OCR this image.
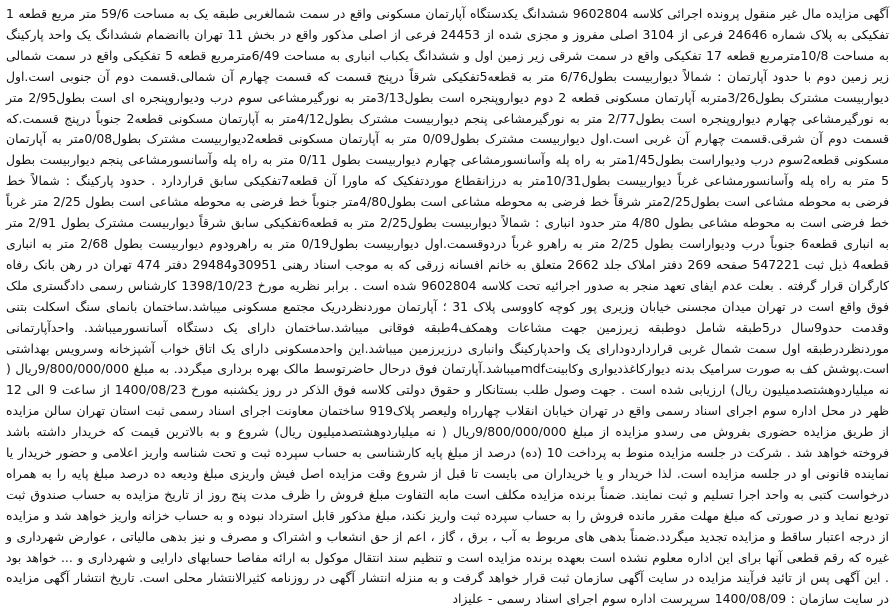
آگهی مزایده مال غیر منقول پرونده اجرائی کلاسه 9602804 ششدانگ یکدستگاه آپارتمان مسکونی واقع در سمت شمالغربی طبقه یک به مساحت 59/6 متر مربع قطعه 1 تفکیکی به پلاک شماره 24646 فرعی از 3104 اصلی مفروز و مجزی شده از 24453 فرعی از اصلی مذکور واقع در بخش 11 تهران باانضمام ششدانگ یک واحد پارکینگ به مساحت 10/8مترمربع قطعه 17 تفکیکی واقع در سمت شرقی زیر زمین اول و ششدانگ یکباب انباری به مساحت 6/49مترمربع قطعه 5 تفکیکی واقع در سمت شمالی زیر زمین دوم با حدود آپارتمان : شمالاً دیواربیست بطول6/76 متر به قطعه5تفکیکی شرقاً درپنج قسمت که قسمت چهارم آن شمالی.قسمت دوم آن جنوبی است.اول دیواربیست مشترک بطول3/26متربه آپارتمان مسکونی قطعه 2 دوم دیواروپنجره است بطول3/13متر به نورگیرمشاعی سوم درب ودیواروپنجره ای است بطول2/95 متر به نورگیرمشاعی چهارم دیواروپنجره است بطول2/77 متر به نورگیرمشاعی پنجم دیواربیست مشترک بطول4/12متر به آپارتمان مسکونی قطعه2 جنوباً درپنج قسمت.که قسمت دوم آن شرقی.قسمت چهارم آن غربی است.اول دیواربیست مشترک بطول0/09 متر به آپارتمان مسکونی قطعه2دیواربیست مشترک بطول0/08متر به آپارتمان مسکونی قطعه2سوم درب ودیواراست بطول1/45متر به راه پله وآسانسورمشاعی چهارم دیواربیست بطول 0/11 متر به راه پله وآسانسورمشاعی پنجم دیواربیست بطول 5 متر به راه پله وآسانسورمشاعی غرباً دیواربیست بطول10/31متر به درزانقطاع موردتفکیک که ماورا آن قطعه7تفکیکی سابق قراردارد . حدود پارکینگ : شمالاً خط فرضی به محوطه مشاعی است بطول2/25متر شرقاً خط فرضی به محوطه مشاعی است بطول4/80متر جنوباً خط فرضی به محوطه مشاعی است بطول 2/25 متر غرباً خط فرضی است به محوطه مشاعی بطول 4/80 متر حدود انباری : شمالاً دیواربیست بطول2/25 متر به قطعه6تفکیکی سابق شرقاً دیواربیست مشترک بطول 2/91 متر به انباری قطعه6 جنوباً درب ودیواراست بطول 2/25 متر به راهرو غرباً دردوقسمت.اول دیواربیست بطول0/19 متر به راهرودوم دیواربیست بطول 2/68 متر به انباری قطعه4 ذیل ثبت 547221 صفحه 269 دفتر املاک جلد 2662 متعلق به خانم افسانه زرقی که به موجب اسناد رهنی 30951و29484 دفتر 474 تهران در رهن بانک رفاه کارگران قرار گرفته . بعلت عدم ایفای تعهد منجر به صدور اجرائیه تحت کلاسه 9602804 شده است . برابر نظریه مورخ 1398/10/23 کارشناس رسمی دادگستری ملک فوق واقع است در تهران میدان مجسنی خیابان وزیری پور کوچه کاووسی پلاک 31 ؛ آپارتمان موردنظردریک مجتمع مسکونی میباشد.ساختمان بانمای سنگ اسکلت بتنی وقدمت حدو9سال در5طبقه شامل دوطبقه زیرزمین جهت مشاعات وهمکف4طبقه فوقانی میباشد.ساختمان دارای یک دستگاه آسانسورمیباشد. واحدآپارتمانی موردنظردرطبقه اول سمت شمال غربی قرارداردودارای یک واحدپارکینگ وانباری درزیرزمین میباشد.این واحدمسکونی دارای یک اتاق خواب آشپزخانه وسرویس بهداشتی است.پوشش کف به صورت سرامیک بدنه دیوارکاغذدیواری وکابینتmdfمیباشد.آپارتمان فوق درحال حاضرتوسط مالک بهره برداری میگردد. به مبلغ 9/800/000/000ریال ( نه میلیاردوهشتصدمیلیون ریال) ارزیابی شده است . جهت وصول طلب بستانکار و حقوق دولتی کلاسه فوق الذکر در روز یکشنبه مورخ 1400/08/23 از ساعت 9 الی 12 ظهر در محل اداره سوم اجرای اسناد رسمی واقع در تهران خیابان انقلاب چهارراه ولیعصر پلاک919 ساختمان معاونت اجرای اسناد رسمی ثبت استان تهران سالن مزایده از طریق مزایده حضوری بفروش می رسدو مزایده از مبلغ 9/800/000/000ریال ( نه میلیاردوهشتصدمیلیون ریال) شروع و به بالاترین قیمت که خریدار داشته باشد فروخته خواهد شد . شرکت در جلسه مزایده منوط به پرداخت 10 (ده) درصد از مبلغ پایه کارشناسی به حساب سپرده ثبت و تحت شناسه واریز اعلامی و حضور خریدار یا نماینده قانونی او در جلسه مزایده است. لذا خریدار و یا خریداران می بایست تا قبل از شروع وقت مزایده اصل فیش واریزی مبلغ ودیعه ده درصد مبلغ پایه را به همراه درخواست کتبی به واحد اجرا تسلیم و ثبت نمایند. ضمناً برنده مزایده مکلف است مابه التفاوت مبلغ فروش را ظرف مدت پنج روز از تاریخ مزایده به حساب صندوق ثبت تودیع نماید و در صورتی که مبلغ مهلت مقرر مانده فروش را به حساب سپرده ثبت واریز نکند، مبلغ مذکور قابل استرداد نبوده و به حساب خزانه واریز خواهد شد و مزایده از درجه اعتبار ساقط و مزایده تجدید میگردد.ضمناً بدهی های مربوط به آب ، برق ، گاز ، اعم از حق انشعاب و اشتراک و مصرف و نیز بدهی مالیاتی ، عوارض شهرداری و غیره که رقم قطعی آنها برای این اداره معلوم نشده است بعهده برنده مزایده است و تنظیم سند انتقال موکول به ارائه مفاصا حسابهای دارایی و شهرداری و ... خواهد بود . این آگهی پس از تائید فرآیند مزایده در سایت آگهی سازمان ثبت قرار خواهد گرفت و به منزله انتشار آگهی در روزنامه کثیرالانتشار محلی است. تاریخ انتشار آگهی مزایده در سایت سازمان : 1400/08/09 سرپرست اداره سوم اجرای اسناد رسمی - علیزاد
